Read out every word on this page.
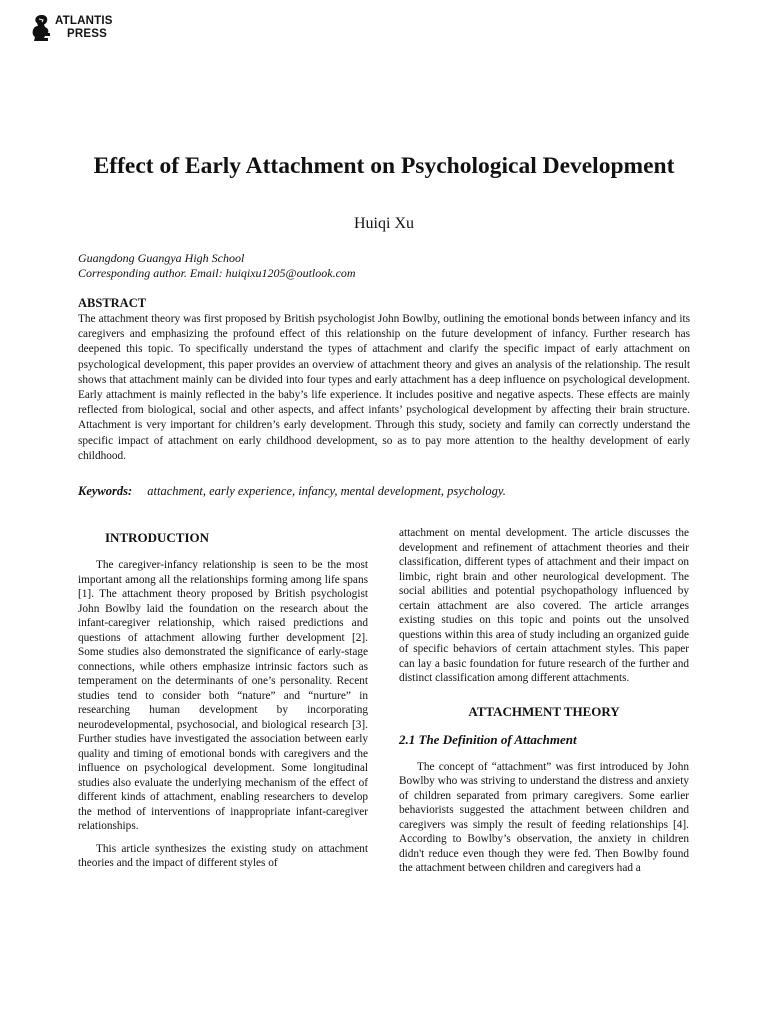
ATLANTIS
PRESS
Effect of Early Attachment on Psychological Development
Huiqi Xu
Guangdong Guangya High School
Corresponding author. Email: huiqixu1205@outlook.com
ABSTRACT

The attachment theory was first proposed by British psychologist John Bowlby, outlining the emotional bonds between infancy and its caregivers and emphasizing the profound effect of this relationship on the future development of infancy. Further research has deepened this topic. To specifically understand the types of attachment and clarify the specific impact of early attachment on psychological development, this paper provides an overview of attachment theory and gives an analysis of the relationship. The result shows that attachment mainly can be divided into four types and early attachment has a deep influence on psychological development. Early attachment is mainly reflected in the baby’s life experience. It includes positive and negative aspects. These effects are mainly reflected from biological, social and other aspects, and affect infants’ psychological development by affecting their brain structure. Attachment is very important for children’s early development. Through this study, society and family can correctly understand the specific impact of attachment on early childhood development, so as to pay more attention to the healthy development of early childhood.

Keywords: attachment, early experience, infancy, mental development, psychology.
INTRODUCTION

The caregiver-infancy relationship is seen to be the most important among all the relationships forming among life spans [1]. The attachment theory proposed by British psychologist John Bowlby laid the foundation on the research about the infant-caregiver relationship, which raised predictions and questions of attachment allowing further development [2]. Some studies also demonstrated the significance of early-stage connections, while others emphasize intrinsic factors such as temperament on the determinants of one’s personality. Recent studies tend to consider both “nature” and “nurture” in researching human development by incorporating neurodevelopmental, psychosocial, and biological research [3]. Further studies have investigated the association between early quality and timing of emotional bonds with caregivers and the influence on psychological development. Some longitudinal studies also evaluate the underlying mechanism of the effect of different kinds of attachment, enabling researchers to develop the method of interventions of inappropriate infant-caregiver relationships.

This article synthesizes the existing study on attachment theories and the impact of different styles of

attachment on mental development. The article discusses the development and refinement of attachment theories and their classification, different types of attachment and their impact on limbic, right brain and other neurological development. The social abilities and potential psychopathology influenced by certain attachment are also covered. The article arranges existing studies on this topic and points out the unsolved questions within this area of study including an organized guide of specific behaviors of certain attachment styles. This paper can lay a basic foundation for future research of the further and distinct classification among different attachments.

ATTACHMENT THEORY
2.1 The Definition of Attachment

The concept of “attachment” was first introduced by John Bowlby who was striving to understand the distress and anxiety of children separated from primary caregivers. Some earlier behaviorists suggested the attachment between children and caregivers was simply the result of feeding relationships [4]. According to Bowlby’s observation, the anxiety in children didn't reduce even though they were fed. Then Bowlby found the attachment between children and caregivers had a
